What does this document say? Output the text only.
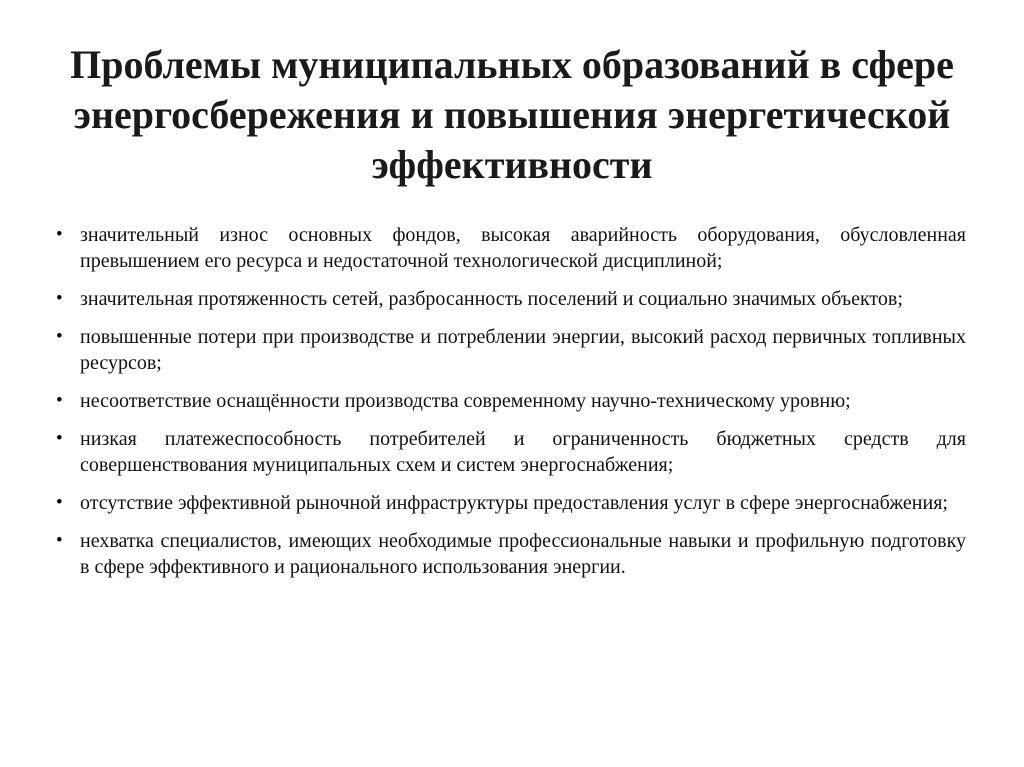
Проблемы муниципальных образований в сфере энергосбережения и повышения энергетической эффективности
• значительный износ основных фондов, высокая аварийность оборудования, обусловленная превышением его ресурса и недостаточной технологической дисциплиной;
• значительная протяженность сетей, разбросанность поселений и социально значимых объектов;
• повышенные потери при производстве и потреблении энергии, высокий расход первичных топливных ресурсов;
• несоответствие оснащённости производства современному научно-техническому уровню;
• низкая платежеспособность потребителей и ограниченность бюджетных средств для совершенствования муниципальных схем и систем энергоснабжения;
• отсутствие эффективной рыночной инфраструктуры предоставления услуг в сфере энергоснабжения;
• нехватка специалистов, имеющих необходимые профессиональные навыки и профильную подготовку в сфере эффективного и рационального использования энергии.
